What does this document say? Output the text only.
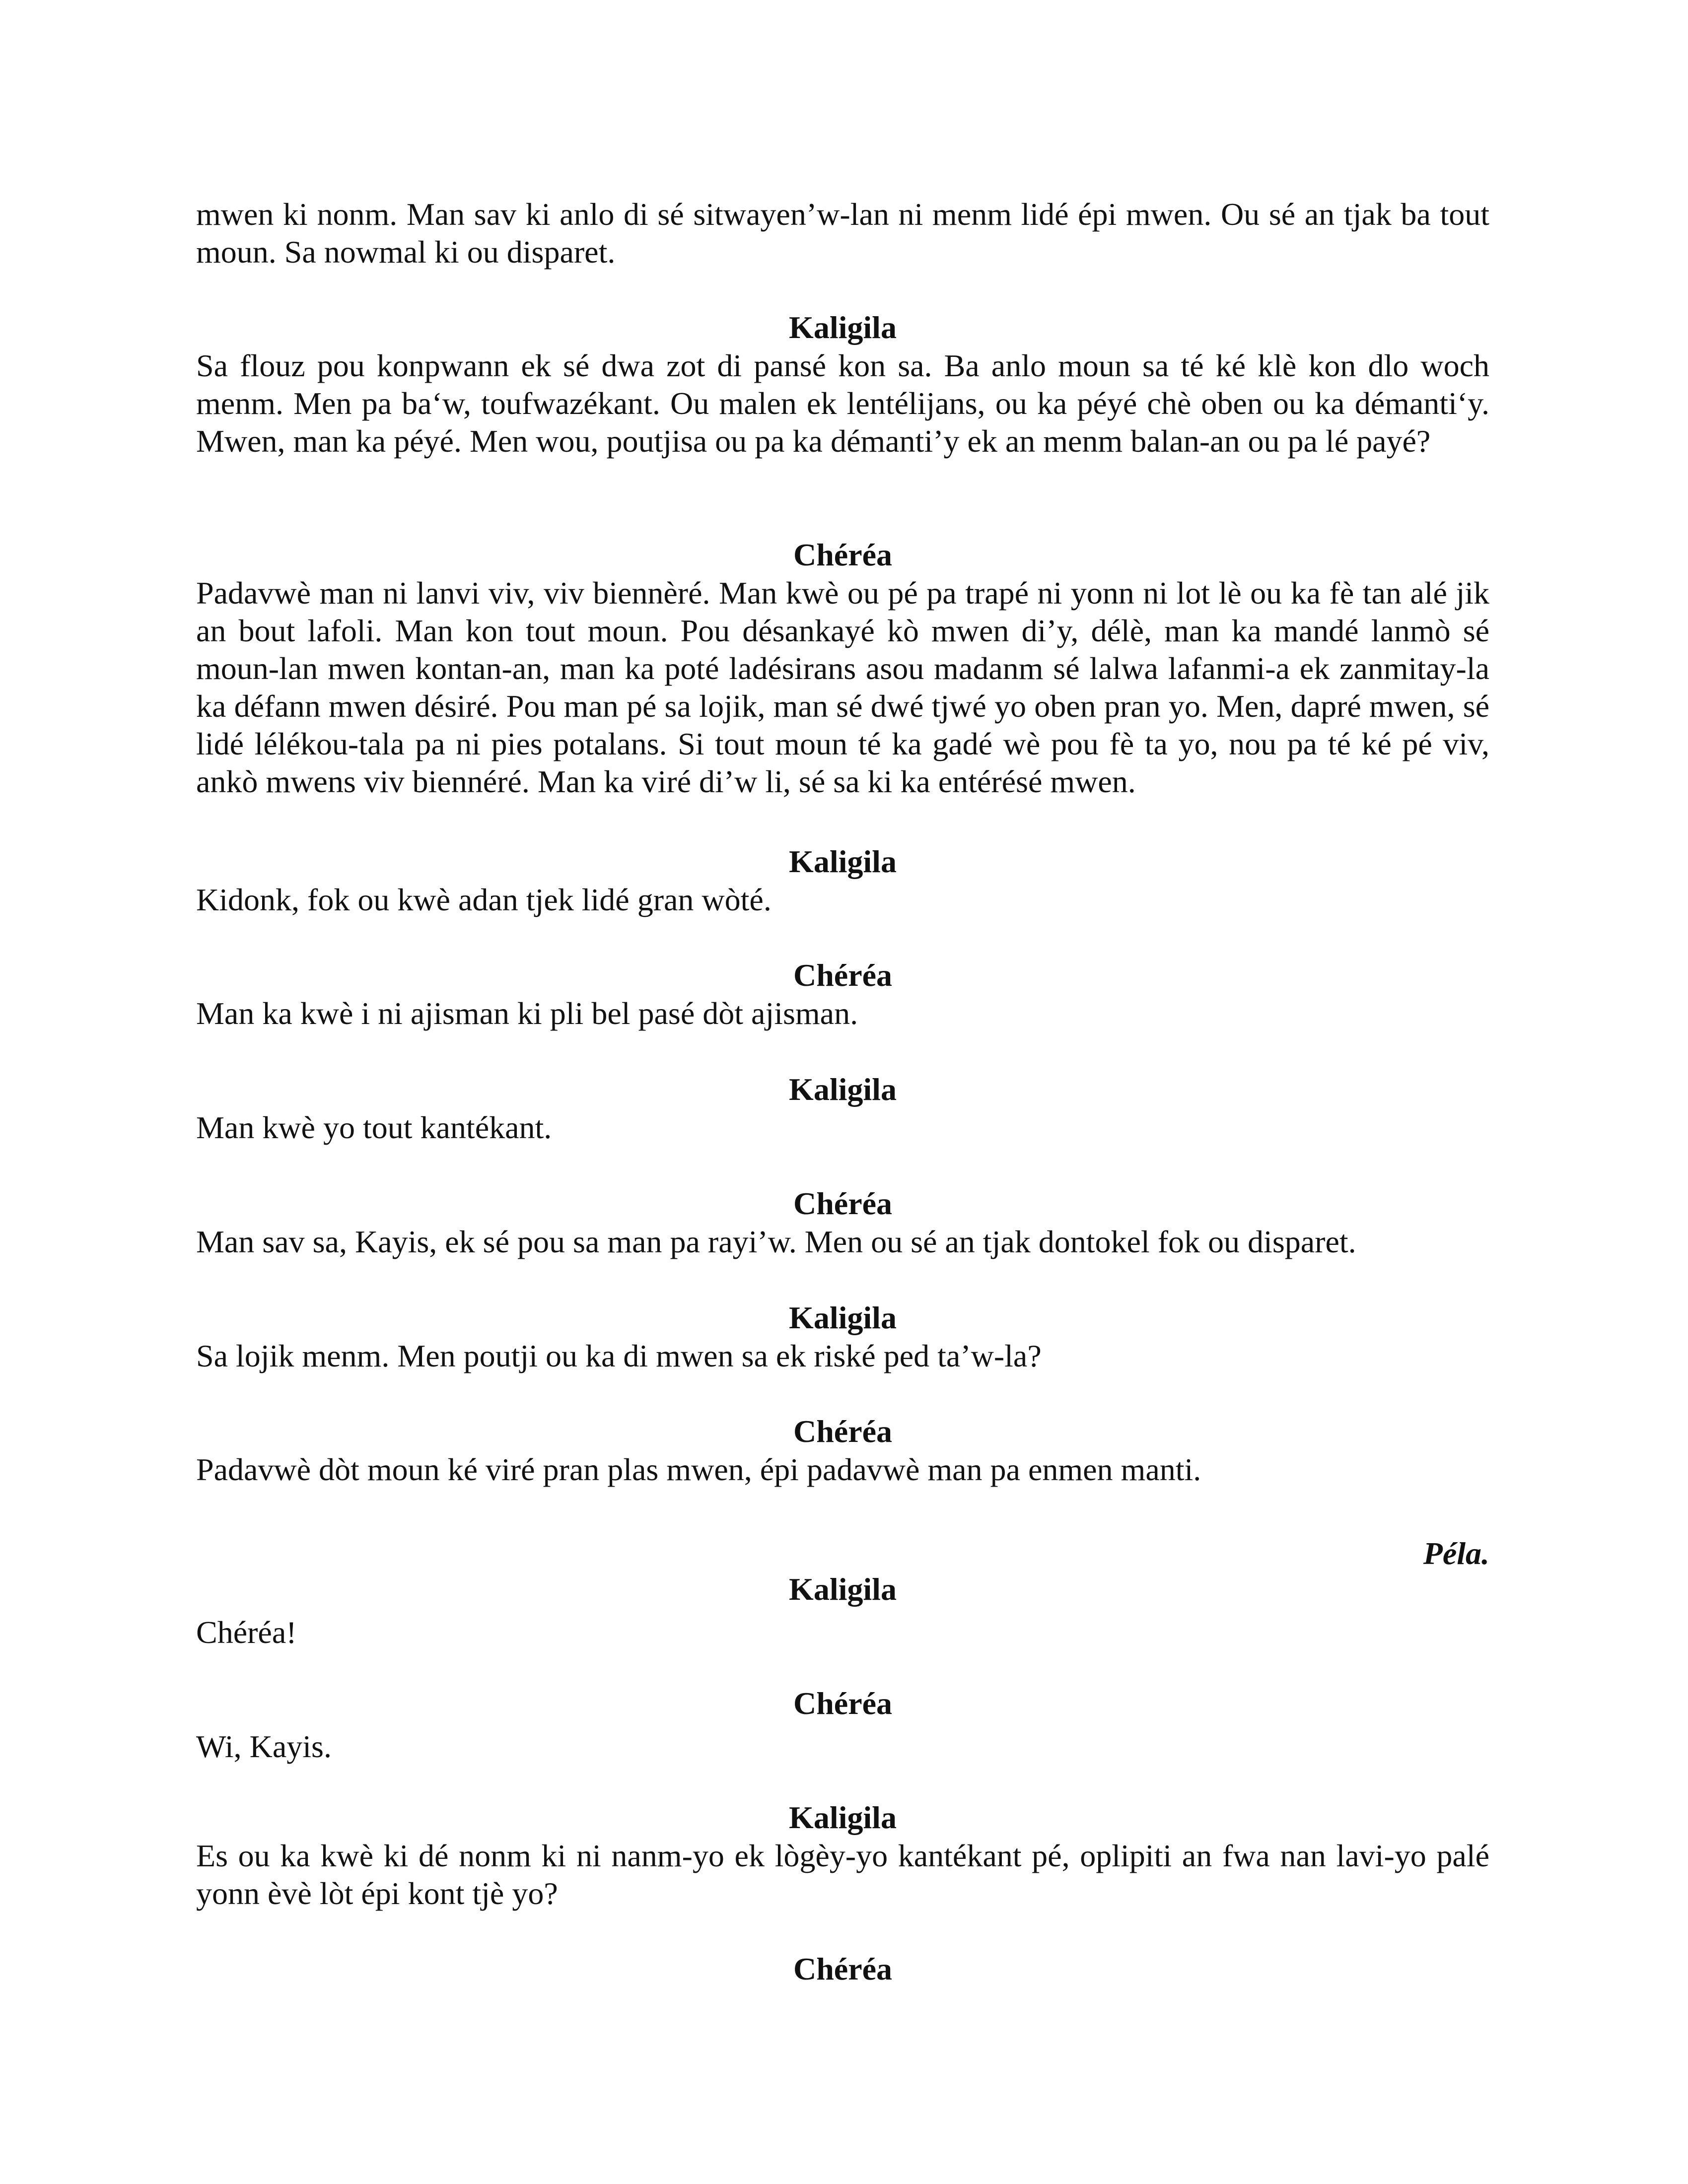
mwen ki nonm. Man sav ki anlo di sé sitwayen’w-lan ni menm lidé épi mwen. Ou sé an tjak ba tout moun. Sa nowmal ki ou disparet.

Kaligila

Sa flouz pou konpwann ek sé dwa zot di pansé kon sa. Ba anlo moun sa té ké klè kon dlo woch menm. Men pa ba‘w, toufwazékant. Ou malen ek lentélijans, ou ka péyé chè oben ou ka démanti‘y. Mwen, man ka péyé. Men wou, poutjisa ou pa ka démanti’y ek an menm balan-an ou pa lé payé?

Chéréa

Padavwè man ni lanvi viv, viv biennèré. Man kwè ou pé pa trapé ni yonn ni lot lè ou ka fè tan alé jik an bout lafoli. Man kon tout moun. Pou désankayé kò mwen di’y, délè, man ka mandé lanmò sé moun-lan mwen kontan-an, man ka poté ladésirans asou madanm sé lalwa lafanmi-a ek zanmitay-la ka défann mwen désiré. Pou man pé sa lojik, man sé dwé tjwé yo oben pran yo. Men, dapré mwen, sé lidé lélékou-tala pa ni pies potalans. Si tout moun té ka gadé wè pou fè ta yo, nou pa té ké pé viv, ankò mwens viv biennéré. Man ka viré di’w li, sé sa ki ka entérésé mwen.

Kaligila

Kidonk, fok ou kwè adan tjek lidé gran wòté.

Chéréa

Man ka kwè i ni ajisman ki pli bel pasé dòt ajisman.

Kaligila

Man kwè yo tout kantékant.

Chéréa

Man sav sa, Kayis, ek sé pou sa man pa rayi’w. Men ou sé an tjak dontokel fok ou disparet.

Kaligila

Sa lojik menm. Men poutji ou ka di mwen sa ek riské ped ta’w-la?

Chéréa

Padavwè dòt moun ké viré pran plas mwen, épi padavwè man pa enmen manti.

Péla.

Kaligila

Chéréa!

Chéréa

Wi, Kayis.

Kaligila

Es ou ka kwè ki dé nonm ki ni nanm-yo ek lògèy-yo kantékant pé, oplipiti an fwa nan lavi-yo palé yonn èvè lòt épi kont tjè yo?

Chéréa
